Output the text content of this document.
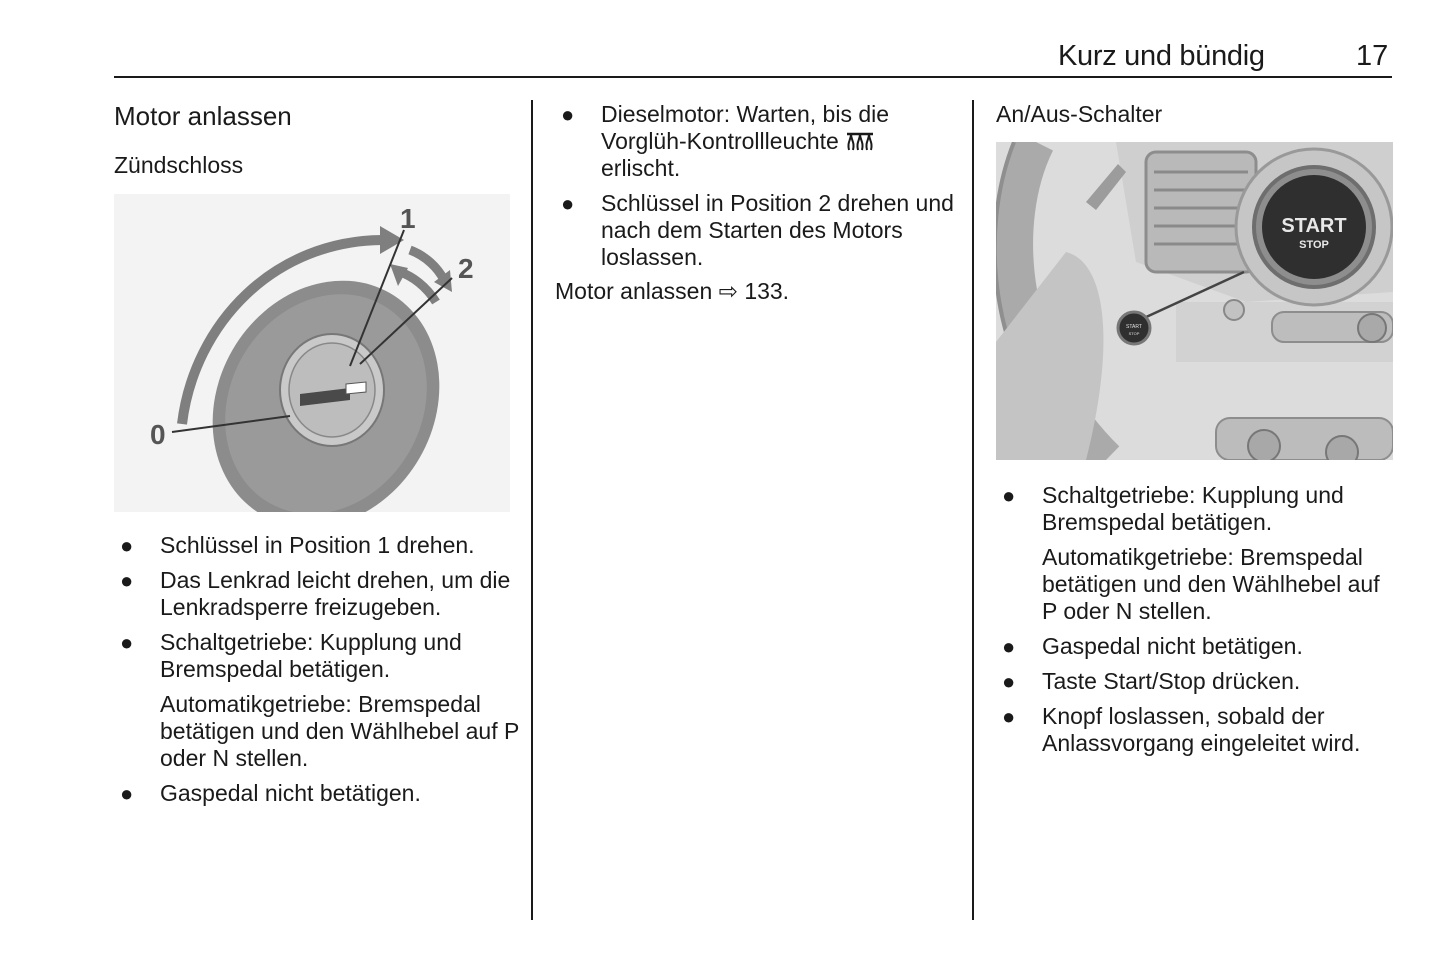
Kurz und bündig	17
Motor anlassen
Zündschloss
0
1
2
● Schlüssel in Position 1 drehen.
● Das Lenkrad leicht drehen, um die Lenkradsperre freizugeben.
● Schaltgetriebe: Kupplung und Bremspedal betätigen.
Automatikgetriebe: Bremspedal betätigen und den Wählhebel auf P oder N stellen.
● Gaspedal nicht betätigen.
● Dieselmotor: Warten, bis die Vorglüh-Kontrollleuchte  erlischt.
● Schlüssel in Position 2 drehen und nach dem Starten des Motors loslassen.
Motor anlassen ⇨ 133.
An/Aus-Schalter
START
STOP
START
STOP
● Schaltgetriebe: Kupplung und Bremspedal betätigen.
Automatikgetriebe: Bremspedal betätigen und den Wählhebel auf P oder N stellen.
● Gaspedal nicht betätigen.
● Taste Start/Stop drücken.
● Knopf loslassen, sobald der Anlassvorgang eingeleitet wird.
